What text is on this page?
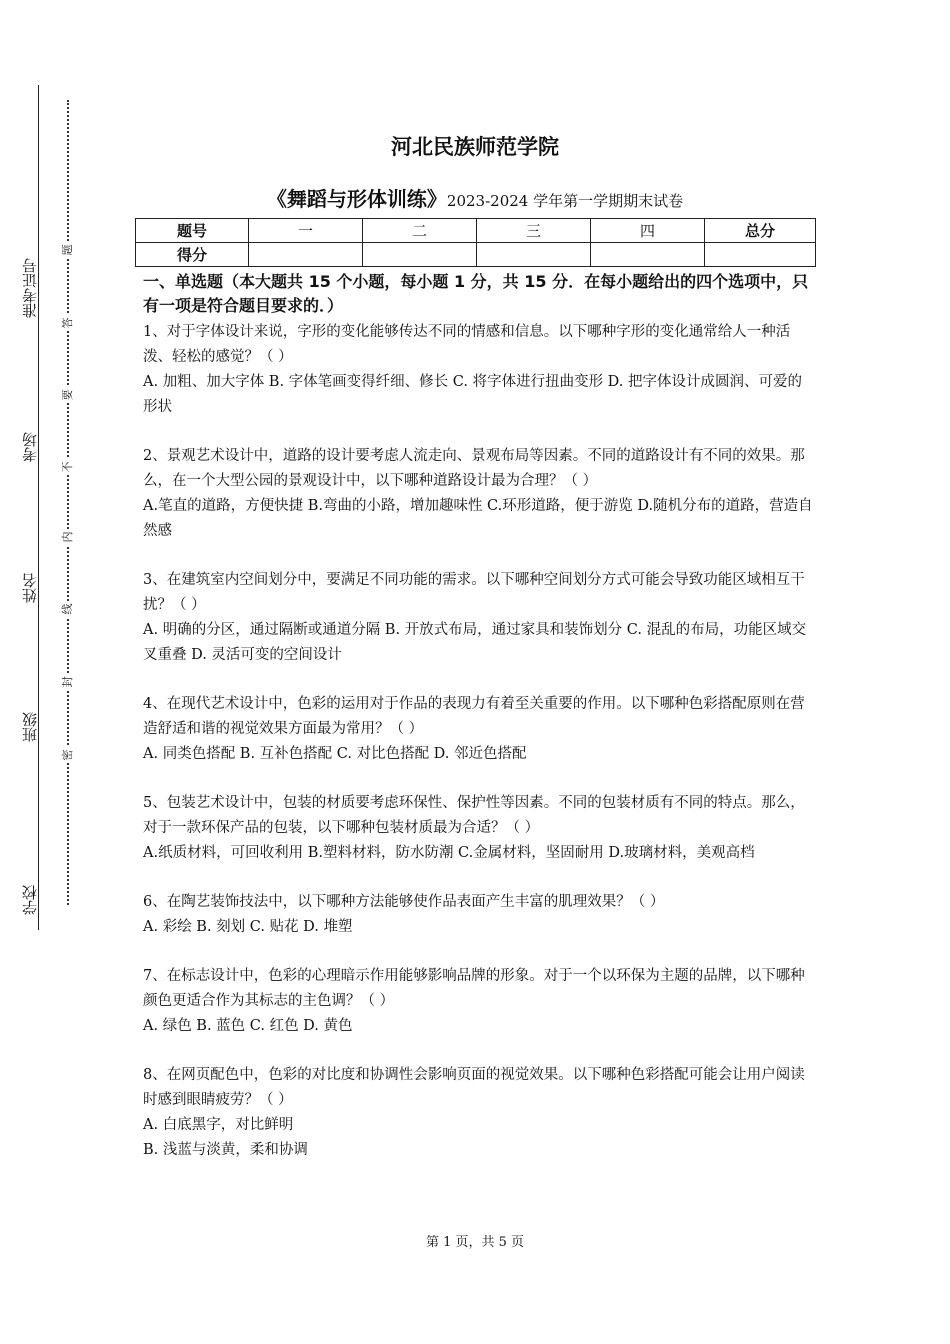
准考证号
考场
姓名
班级
学校
题
答
要
不
内
线
封
密
河北民族师范学院
《舞蹈与形体训练》2023-2024 学年第一学期期末试卷
题号	一	二	三	四	总分
得分					
一、单选题（本大题共 15 个小题，每小题 1 分，共 15 分．在每小题给出的四个选项中，只有一项是符合题目要求的．）
1、对于字体设计来说，字形的变化能够传达不同的情感和信息。以下哪种字形的变化通常给人一种活泼、轻松的感觉？（ ）
A. 加粗、加大字体 B. 字体笔画变得纤细、修长 C. 将字体进行扭曲变形 D. 把字体设计成圆润、可爱的形状
2、景观艺术设计中，道路的设计要考虑人流走向、景观布局等因素。不同的道路设计有不同的效果。那么，在一个大型公园的景观设计中，以下哪种道路设计最为合理？（ ）
A.笔直的道路，方便快捷 B.弯曲的小路，增加趣味性 C.环形道路，便于游览 D.随机分布的道路，营造自然感
3、在建筑室内空间划分中，要满足不同功能的需求。以下哪种空间划分方式可能会导致功能区域相互干扰？（ ）
A. 明确的分区，通过隔断或通道分隔 B. 开放式布局，通过家具和装饰划分 C. 混乱的布局，功能区域交叉重叠 D. 灵活可变的空间设计
4、在现代艺术设计中，色彩的运用对于作品的表现力有着至关重要的作用。以下哪种色彩搭配原则在营造舒适和谐的视觉效果方面最为常用？（ ）
A. 同类色搭配 B. 互补色搭配 C. 对比色搭配 D. 邻近色搭配
5、包装艺术设计中，包装的材质要考虑环保性、保护性等因素。不同的包装材质有不同的特点。那么，对于一款环保产品的包装，以下哪种包装材质最为合适？（ ）
A.纸质材料，可回收利用 B.塑料材料，防水防潮 C.金属材料，坚固耐用 D.玻璃材料，美观高档
6、在陶艺装饰技法中，以下哪种方法能够使作品表面产生丰富的肌理效果？（ ）
A. 彩绘 B. 刻划 C. 贴花 D. 堆塑
7、在标志设计中，色彩的心理暗示作用能够影响品牌的形象。对于一个以环保为主题的品牌，以下哪种颜色更适合作为其标志的主色调？（ ）
A. 绿色 B. 蓝色 C. 红色 D. 黄色
8、在网页配色中，色彩的对比度和协调性会影响页面的视觉效果。以下哪种色彩搭配可能会让用户阅读时感到眼睛疲劳？（ ）
A. 白底黑字，对比鲜明
B. 浅蓝与淡黄，柔和协调
第 1 页，共 5 页
